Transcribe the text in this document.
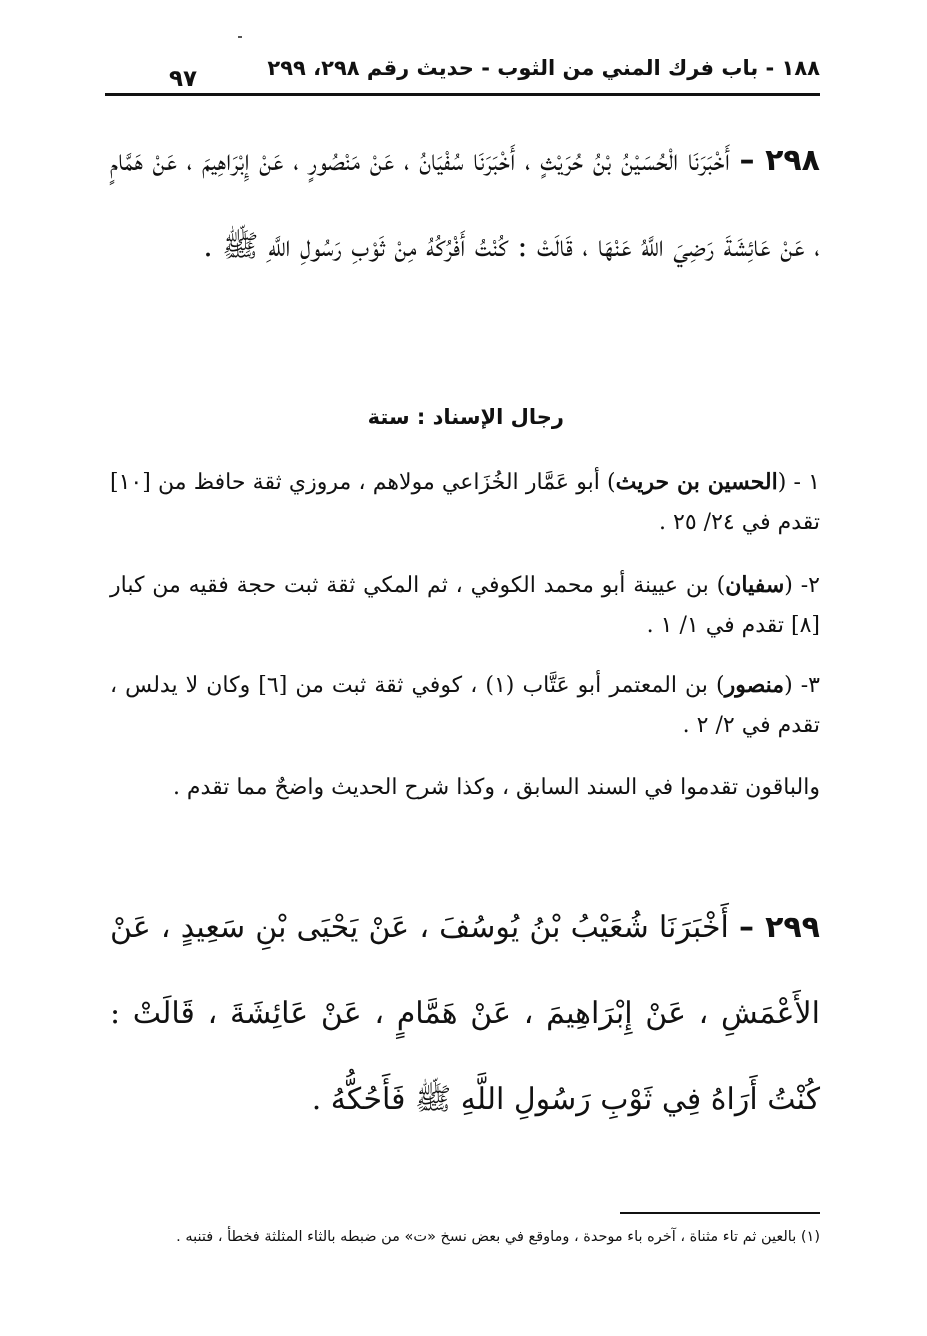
١٨٨ - باب فرك المني من الثوب - حديث رقم ٢٩٨، ٢٩٩
٩٧
٢٩٨ – أَخْبَرَنَا الْحُسَيْنُ بْنُ حُرَيْثٍ ، أَخْبَرَنَا سُفْيَانُ ، عَنْ مَنْصُورٍ ، عَنْ إِبْرَاهِيمَ ، عَنْ هَمَّامٍ ، عَنْ عَائِشَةَ رَضِيَ اللَّهُ عَنْهَا ، قَالَتْ : كُنْتُ أَفْرُكُهُ مِنْ ثَوْبِ رَسُولِ اللَّهِ ﷺ .
رجال الإسناد : ستة
١ - (الحسين بن حريث) أبو عَمَّار الخُزَاعي مولاهم ، مروزي ثقة حافظ من [١٠] تقدم في ٢٤/ ٢٥ .
٢- (سفيان) بن عيينة أبو محمد الكوفي ، ثم المكي ثقة ثبت حجة فقيه من كبار [٨] تقدم في ١/ ١ .
٣- (منصور) بن المعتمر أبو عَتَّاب (١) ، كوفي ثقة ثبت من [٦] وكان لا يدلس ، تقدم في ٢/ ٢ .
والباقون تقدموا في السند السابق ، وكذا شرح الحديث واضحٌ مما تقدم .
٢٩٩ – أَخْبَرَنَا شُعَيْبُ بْنُ يُوسُفَ ، عَنْ يَحْيَى بْنِ سَعِيدٍ ، عَنْ الأَعْمَشِ ، عَنْ إِبْرَاهِيمَ ، عَنْ هَمَّامٍ ، عَنْ عَائِشَةَ ، قَالَتْ : كُنْتُ أَرَاهُ فِي ثَوْبِ رَسُولِ اللَّهِ ﷺ فَأَحُكُّهُ .
(١) بالعين ثم تاء مثناة ، آخره باء موحدة ، وماوقع في بعض نسخ «ت» من ضبطه بالثاء المثلثة فخطأ ، فتنبه .
